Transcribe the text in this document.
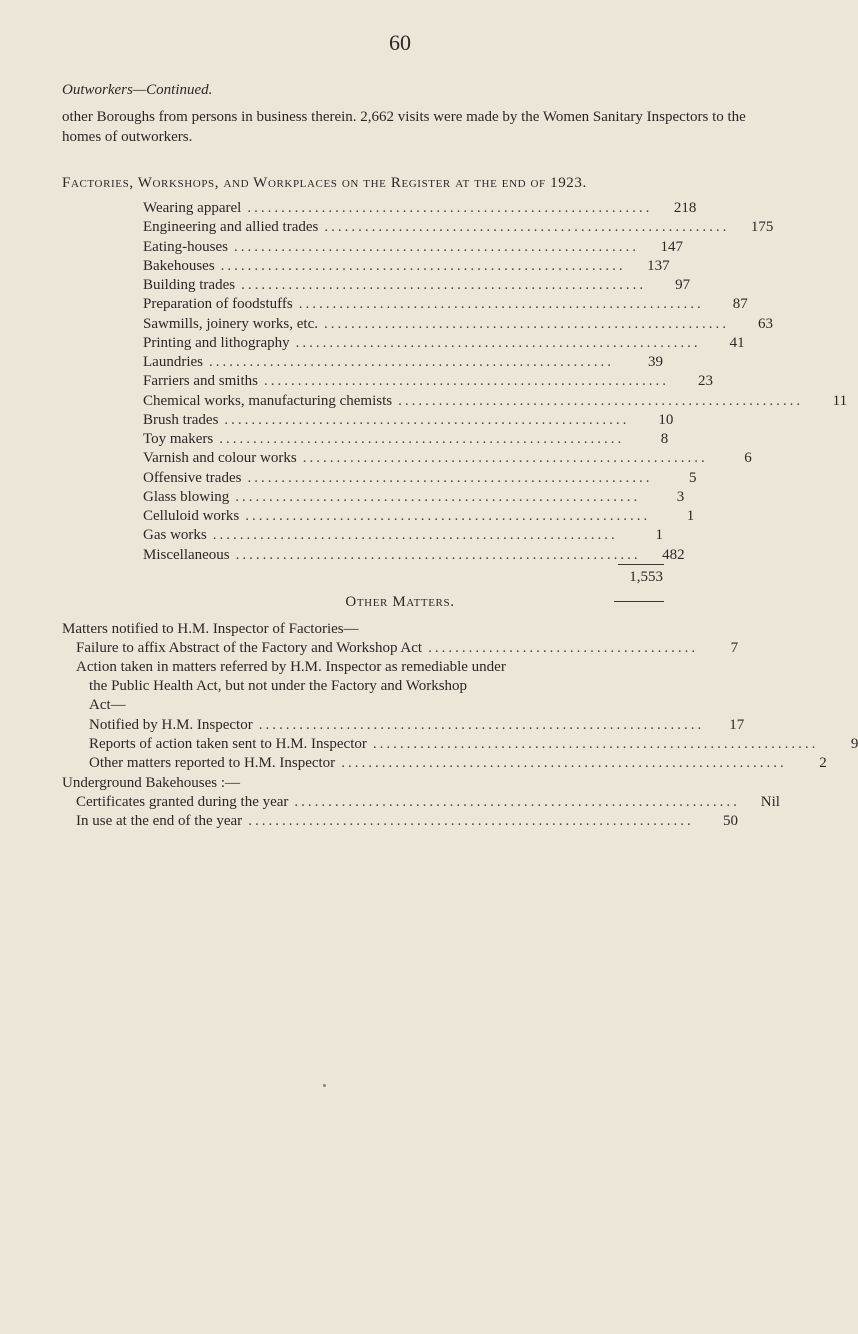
60
Outworkers—Continued.

other Boroughs from persons in business therein. 2,662 visits were made by the Women Sanitary Inspectors to the homes of outworkers.

Factories, Workshops, and Workplaces on the Register at the end of 1923.
Wearing apparel ............................................................	218
Engineering and allied trades ............................................................	175
Eating-houses ............................................................	147
Bakehouses ............................................................	137
Building trades ............................................................	97
Preparation of foodstuffs ............................................................	87
Sawmills, joinery works, etc. ............................................................	63
Printing and lithography ............................................................	41
Laundries ............................................................	39
Farriers and smiths ............................................................	23
Chemical works, manufacturing chemists ............................................................	11
Brush trades ............................................................	10
Toy makers ............................................................	8
Varnish and colour works ............................................................	6
Offensive trades ............................................................	5
Glass blowing ............................................................	3
Celluloid works ............................................................	1
Gas works ............................................................	1
Miscellaneous ............................................................	482
1,553
Other Matters.
Matters notified to H.M. Inspector of Factories—
Failure to affix Abstract of the Factory and Workshop Act ........................................	7
Action taken in matters referred by H.M. Inspector as remediable under
the Public Health Act, but not under the Factory and Workshop
Act—
Notified by H.M. Inspector ..................................................................	17
Reports of action taken sent to H.M. Inspector ..................................................................	9
Other matters reported to H.M. Inspector ..................................................................	2
Underground Bakehouses :—
Certificates granted during the year ..................................................................	Nil
In use at the end of the year ..................................................................	50
